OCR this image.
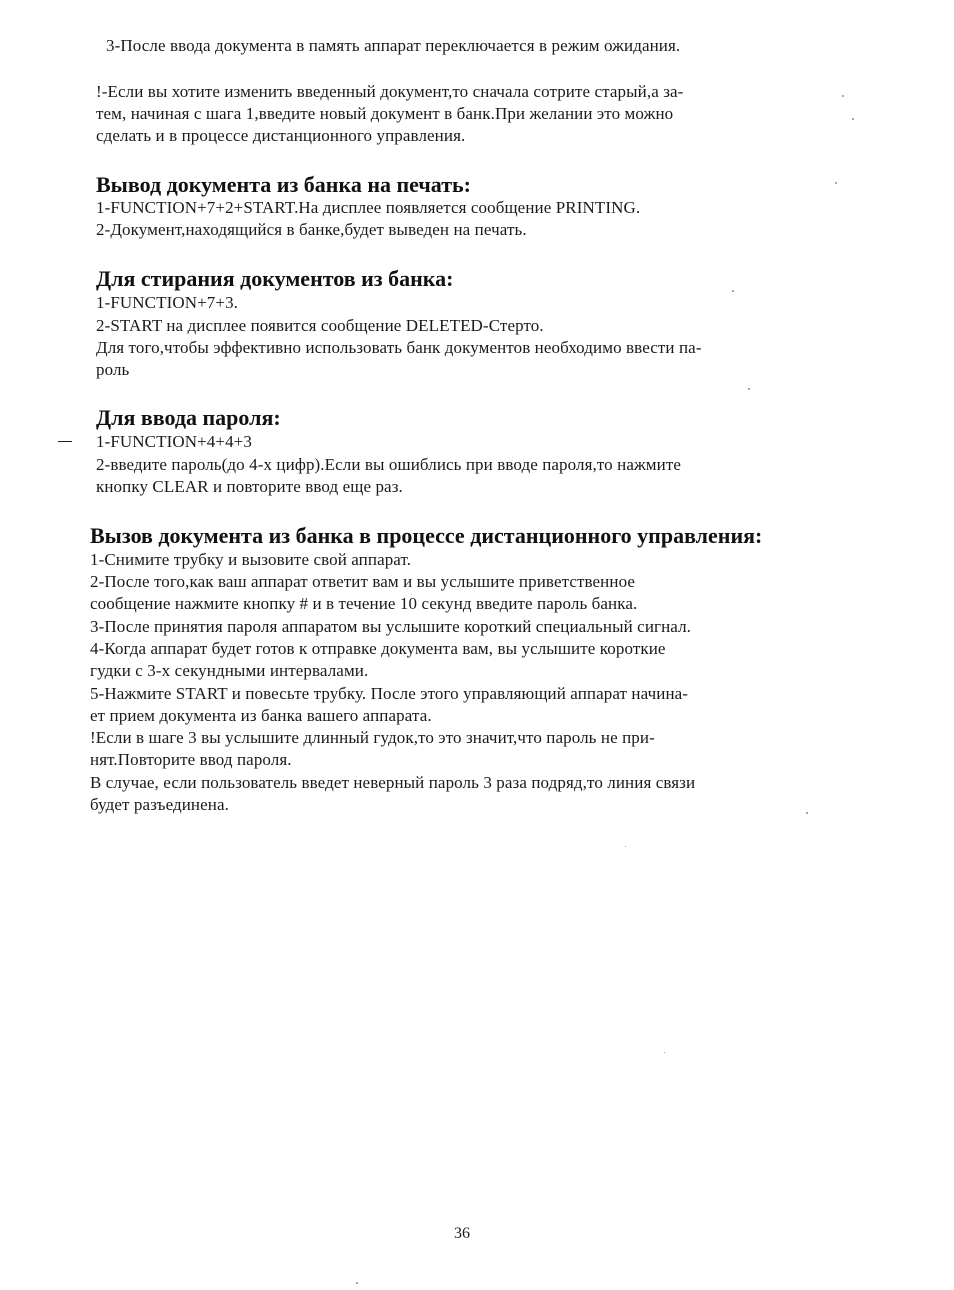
3-После ввода документа в память аппарат переключается в режим ожидания.
!-Если вы хотите изменить введенный документ,то сначала сотрите старый,а за-
тем, начиная с шага 1,введите новый документ в банк.При желании это можно
сделать и в процессе дистанционного управления.
Вывод документа из банка на печать:
1-FUNCTION+7+2+START.На дисплее появляется сообщение PRINTING.
2-Документ,находящийся в банке,будет выведен на печать.
Для стирания документов из банка:
1-FUNCTION+7+3.
2-START на дисплее появится сообщение DELETED-Стерто.
Для того,чтобы эффективно использовать банк документов необходимо ввести па-
роль
Для ввода пароля:
1-FUNCTION+4+4+3
2-введите пароль(до 4-х цифр).Если вы ошиблись при вводе пароля,то нажмите
кнопку CLEAR и повторите ввод еще раз.
Вызов документа из банка в процессе дистанционного управления:
1-Снимите трубку и вызовите свой аппарат.
2-После того,как ваш аппарат ответит вам и вы услышите приветственное
сообщение нажмите кнопку # и в течение 10 секунд введите пароль банка.
3-После принятия пароля аппаратом вы услышите короткий специальный сигнал.
4-Когда аппарат будет готов к отправке документа вам, вы услышите короткие
гудки с 3-х секундными интервалами.
5-Нажмите START и повесьте трубку. После этого управляющий аппарат начина-
ет прием документа из банка вашего аппарата.
!Если в шаге 3 вы услышите длинный гудок,то это значит,что пароль не при-
нят.Повторите ввод пароля.
В случае, если пользователь введет неверный пароль 3 раза подряд,то линия связи
будет разъединена.
36
